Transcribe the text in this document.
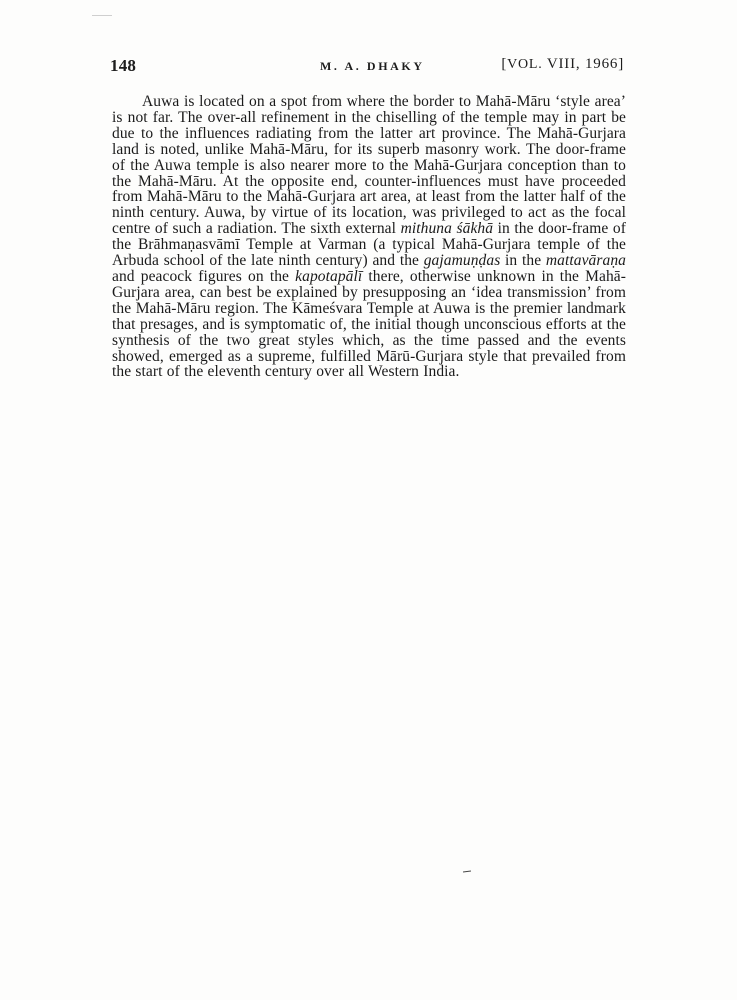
148	M. A. DHAKY	[VOL. VIII, 1966]

Auwa is located on a spot from where the border to Mahā-Māru ‘style area’ is not far. The over-all refinement in the chiselling of the temple may in part be due to the influences radiating from the latter art province. The Mahā-Gurjara land is noted, unlike Mahā-Māru, for its superb masonry work. The door-frame of the Auwa temple is also nearer more to the Mahā-Gurjara conception than to the Mahā-Māru. At the opposite end, counter-influences must have proceeded from Mahā-Māru to the Mahā-Gurjara art area, at least from the latter half of the ninth century. Auwa, by virtue of its location, was privileged to act as the focal centre of such a radiation. The sixth external mithuna śākhā in the door-frame of the Brāhmaṇasvāmī Temple at Varman (a typical Mahā-Gurjara temple of the Arbuda school of the late ninth century) and the gajamuṇḍas in the mattavāraṇa and peacock figures on the kapotapālī there, otherwise unknown in the Mahā-Gurjara area, can best be explained by presupposing an ‘idea transmission’ from the Mahā-Māru region. The Kāmeśvara Temple at Auwa is the premier landmark that presages, and is symptomatic of, the initial though unconscious efforts at the synthesis of the two great styles which, as the time passed and the events showed, emerged as a supreme, fulfilled Mārū-Gurjara style that prevailed from the start of the eleventh century over all Western India.
